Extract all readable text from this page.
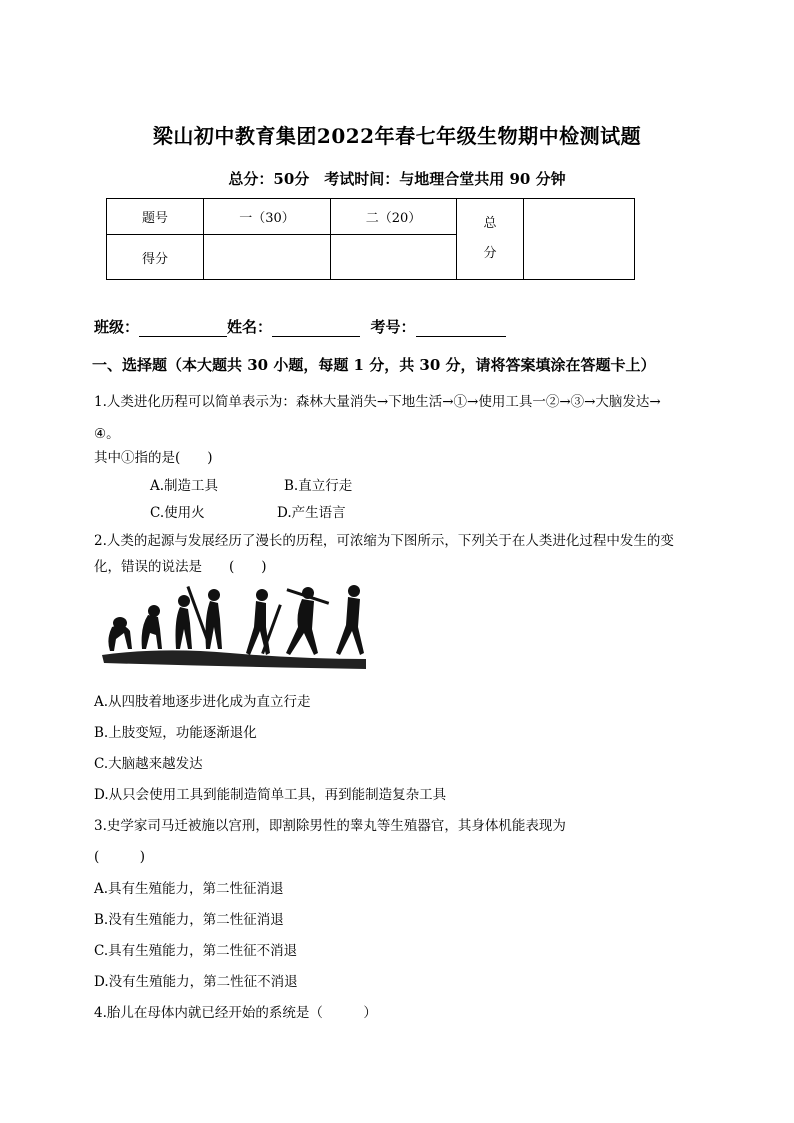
梁山初中教育集团2022年春七年级生物期中检测试题
总分：50分　考试时间：与地理合堂共用 90 分钟
题号	一（30）	二（20）	总
分	

得分				
班级：	姓名：	考号：
一、选择题（本大题共 30 小题，每题 1 分，共 30 分，请将答案填涂在答题卡上）
1.人类进化历程可以简单表示为：森林大量消失→下地生活→①→使用工具一②→③→大脑发达→
④。
其中①指的是(　　)
A.制造工具	B.直立行走
C.使用火	D.产生语言
2.人类的起源与发展经历了漫长的历程，可浓缩为下图所示，下列关于在人类进化过程中发生的变
化，错误的说法是　　(　　)
A.从四肢着地逐步进化成为直立行走
B.上肢变短，功能逐渐退化
C.大脑越来越发达
D.从只会使用工具到能制造简单工具，再到能制造复杂工具
3.史学家司马迁被施以宫刑，即割除男性的睾丸等生殖器官，其身体机能表现为
(　　　)
A.具有生殖能力，第二性征消退
B.没有生殖能力，第二性征消退
C.具有生殖能力，第二性征不消退
D.没有生殖能力，第二性征不消退
4.胎儿在母体内就已经开始的系统是（　　　）
